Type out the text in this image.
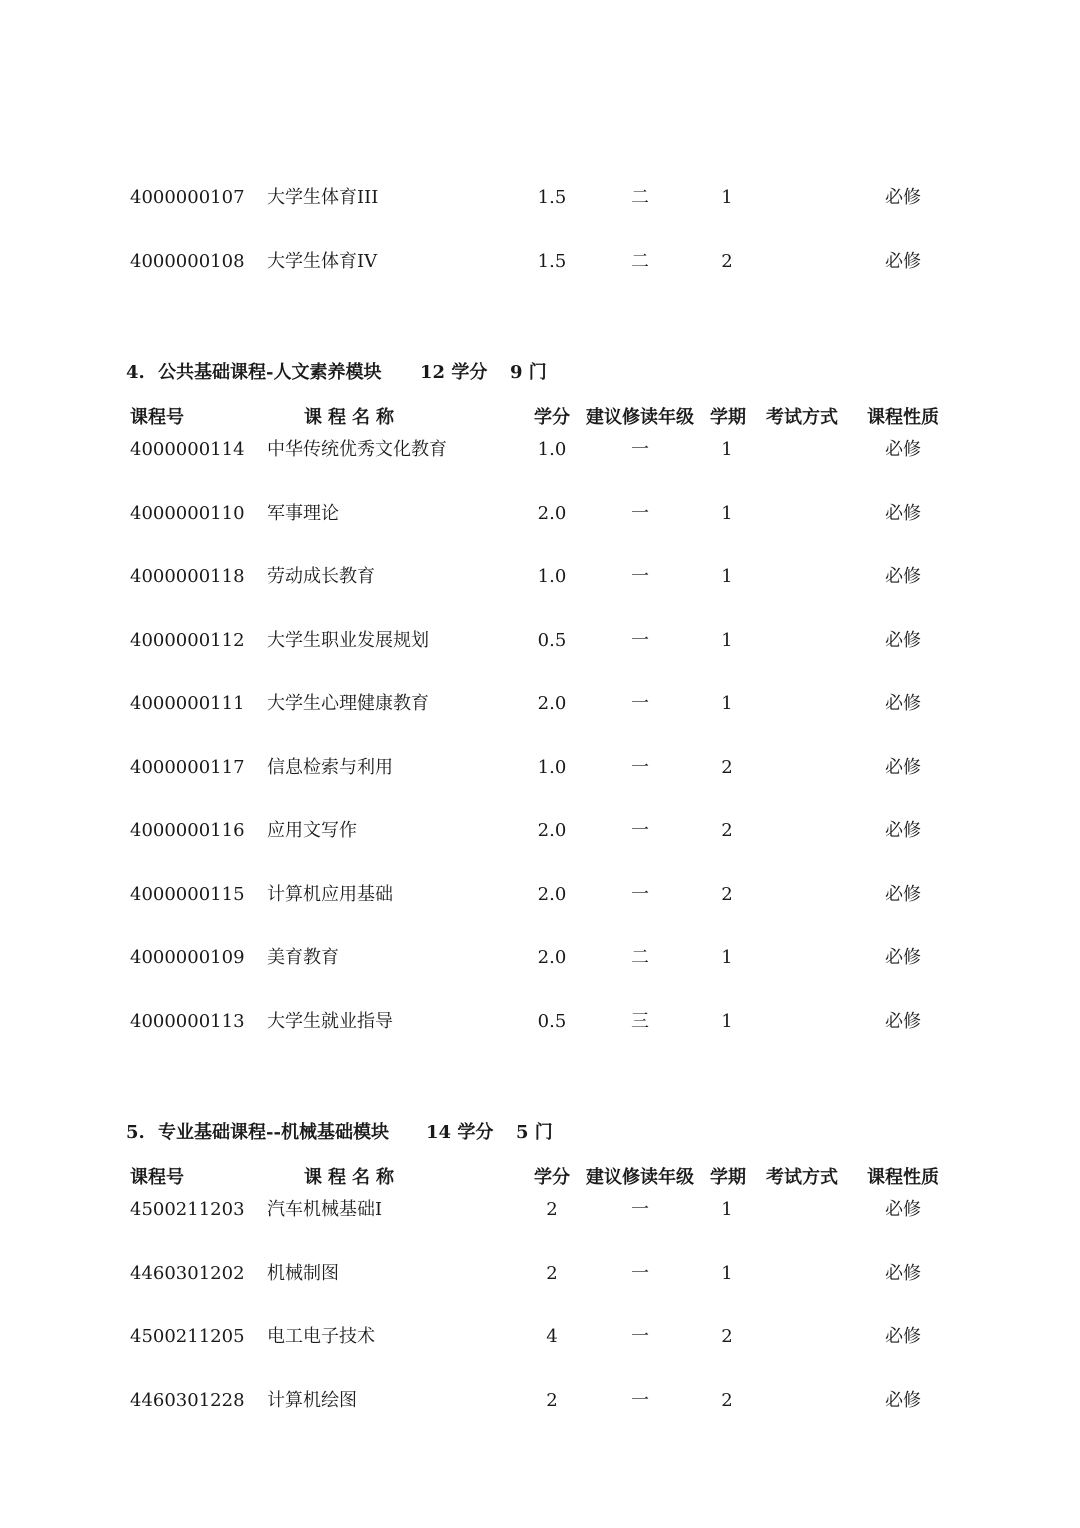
4000000107 大学生体育III	1.5	二	1	必修
4000000108 大学生体育IV	1.5	二	2	必修
4. 公共基础课程-人文素养模块 12 学分 9 门
课程号	课程名称	学分 建议修读年级 学期 考试方式 课程性质
4000000114 中华传统优秀文化教育	1.0	一	1	必修
4000000110 军事理论	2.0	一	1	必修
4000000118 劳动成长教育	1.0	一	1	必修
4000000112 大学生职业发展规划	0.5	一	1	必修
4000000111 大学生心理健康教育	2.0	一	1	必修
4000000117 信息检索与利用	1.0	一	2	必修
4000000116 应用文写作	2.0	一	2	必修
4000000115 计算机应用基础	2.0	一	2	必修
4000000109 美育教育	2.0	二	1	必修
4000000113 大学生就业指导	0.5	三	1	必修
5. 专业基础课程--机械基础模块 14 学分 5 门
课程号	课程名称	学分 建议修读年级 学期 考试方式 课程性质
4500211203 汽车机械基础I	2	一	1	必修
4460301202 机械制图	2	一	1	必修
4500211205 电工电子技术	4	一	2	必修
4460301228 计算机绘图	2	一	2	必修
